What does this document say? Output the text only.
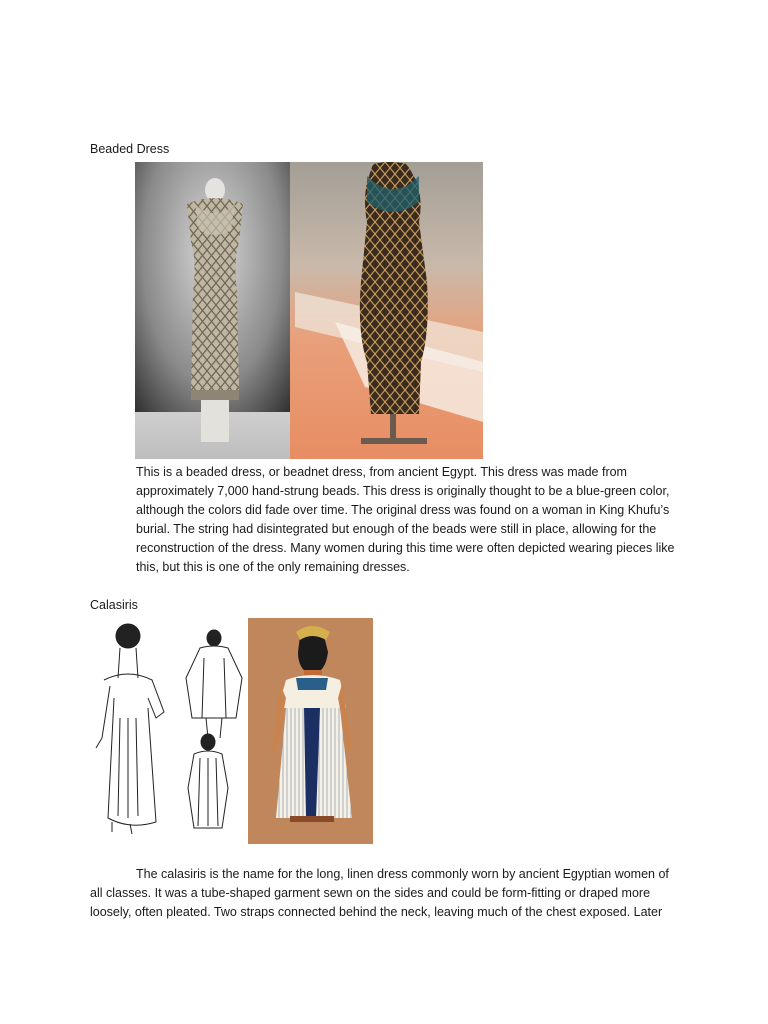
Beaded Dress

This is a beaded dress, or beadnet dress, from ancient Egypt. This dress was made from approximately 7,000 hand-strung beads. This dress is originally thought to be a blue-green color, although the colors did fade over time. The original dress was found on a woman in King Khufu’s burial. The string had disintegrated but enough of the beads were still in place, allowing for the reconstruction of the dress. Many women during this time were often depicted wearing pieces like this, but this is one of the only remaining dresses.

Calasiris

The calasiris is the name for the long, linen dress commonly worn by ancient Egyptian women of all classes. It was a tube-shaped garment sewn on the sides and could be form-fitting or draped more loosely, often pleated. Two straps connected behind the neck, leaving much of the chest exposed. Later
